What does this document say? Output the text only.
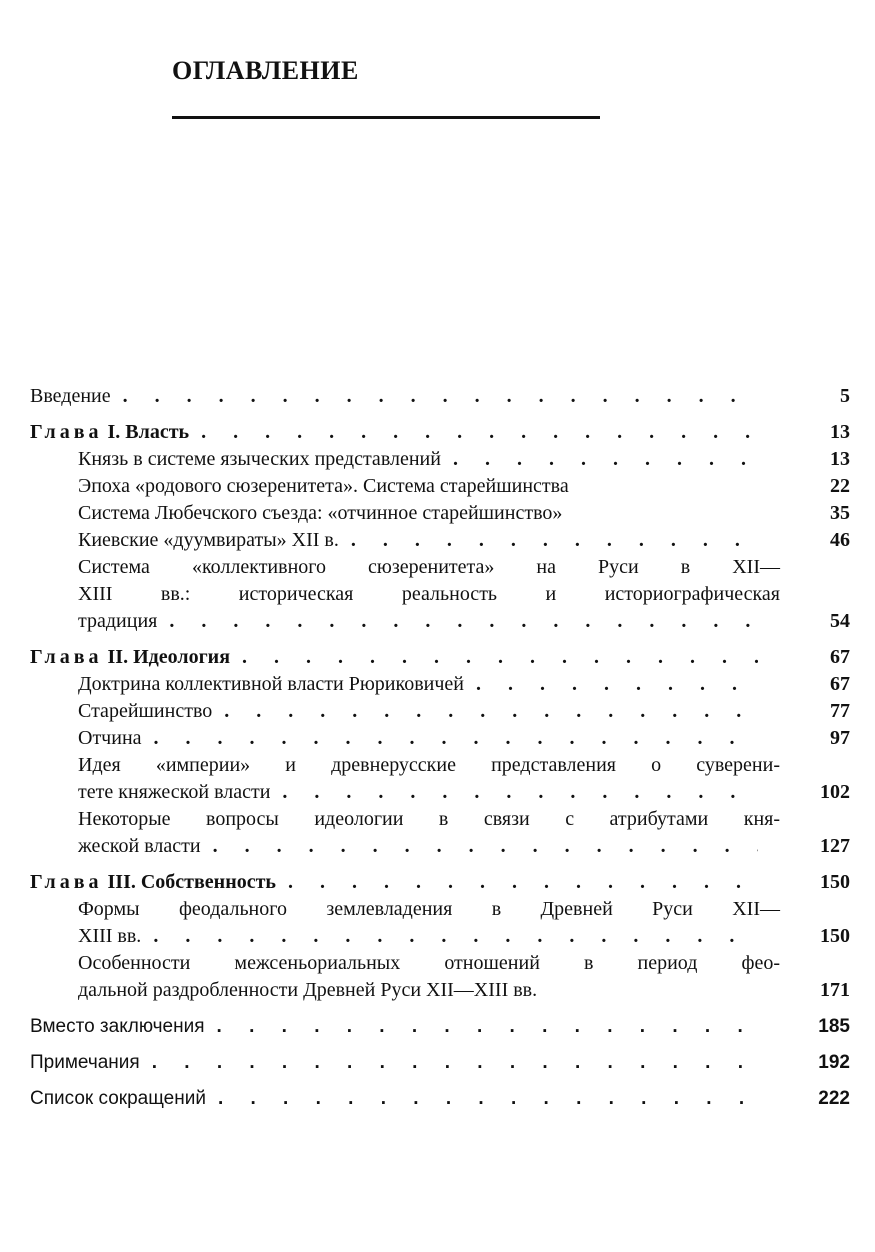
ОГЛАВЛЕНИЕ
Введение . . .	5
Глава I. Власть . . .	13
Князь в системе языческих представлений . . .	13
Эпоха «родового сюзеренитета». Система старейшинства	22
Система Любечского съезда: «отчинное старейшинство»	35
Киевские «дуумвираты» XII в. . . .	46
Система «коллективного сюзеренитета» на Руси в XII—
XIII вв.: историческая реальность и историографическая
традиция . . .	54
Глава II. Идеология . . .	67
Доктрина коллективной власти Рюриковичей . . .	67
Старейшинство . . .	77
Отчина . . .	97
Идея «империи» и древнерусские представления о суверени-
тете княжеской власти . . .	102
Некоторые вопросы идеологии в связи с атрибутами кня-
жеской власти . . .	127
Глава III. Собственность . . .	150
Формы феодального землевладения в Древней Руси XII—
XIII вв. . . .	150
Особенности межсеньориальных отношений в период фео-
дальной раздробленности Древней Руси XII—XIII вв.	171
Вместо заключения . . .	185
Примечания . . .	192
Список сокращений . . .	222
